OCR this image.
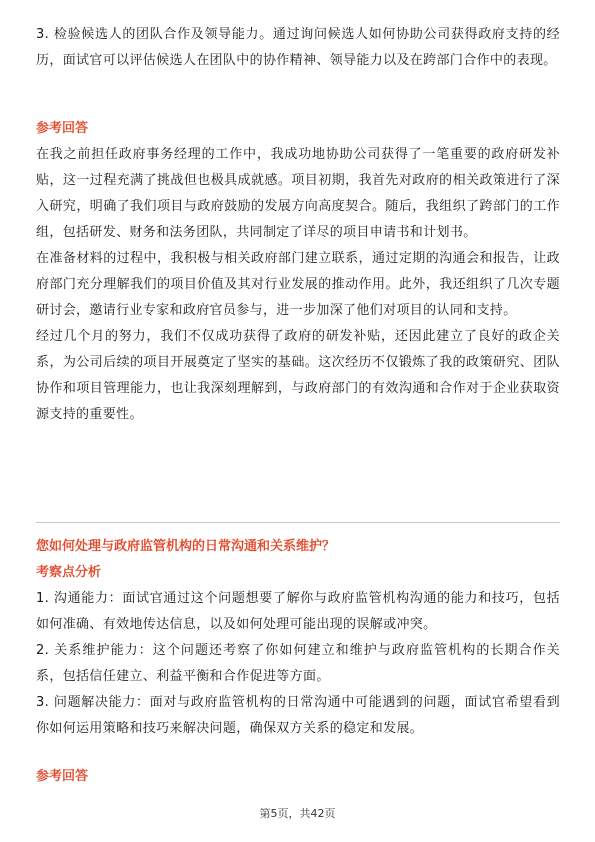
3. 检验候选人的团队合作及领导能力。通过询问候选人如何协助公司获得政府支持的经历，面试官可以评估候选人在团队中的协作精神、领导能力以及在跨部门合作中的表现。

参考回答

在我之前担任政府事务经理的工作中，我成功地协助公司获得了一笔重要的政府研发补贴，这一过程充满了挑战但也极具成就感。项目初期，我首先对政府的相关政策进行了深入研究，明确了我们项目与政府鼓励的发展方向高度契合。随后，我组织了跨部门的工作组，包括研发、财务和法务团队，共同制定了详尽的项目申请书和计划书。

在准备材料的过程中，我积极与相关政府部门建立联系，通过定期的沟通会和报告，让政府部门充分理解我们的项目价值及其对行业发展的推动作用。此外，我还组织了几次专题研讨会，邀请行业专家和政府官员参与，进一步加深了他们对项目的认同和支持。

经过几个月的努力，我们不仅成功获得了政府的研发补贴，还因此建立了良好的政企关系，为公司后续的项目开展奠定了坚实的基础。这次经历不仅锻炼了我的政策研究、团队协作和项目管理能力，也让我深刻理解到，与政府部门的有效沟通和合作对于企业获取资源支持的重要性。

您如何处理与政府监管机构的日常沟通和关系维护？

考察点分析

1. 沟通能力：面试官通过这个问题想要了解你与政府监管机构沟通的能力和技巧，包括如何准确、有效地传达信息，以及如何处理可能出现的误解或冲突。

2. 关系维护能力：这个问题还考察了你如何建立和维护与政府监管机构的长期合作关系，包括信任建立、利益平衡和合作促进等方面。

3. 问题解决能力：面对与政府监管机构的日常沟通中可能遇到的问题，面试官希望看到你如何运用策略和技巧来解决问题，确保双方关系的稳定和发展。

参考回答

第5页，共42页
